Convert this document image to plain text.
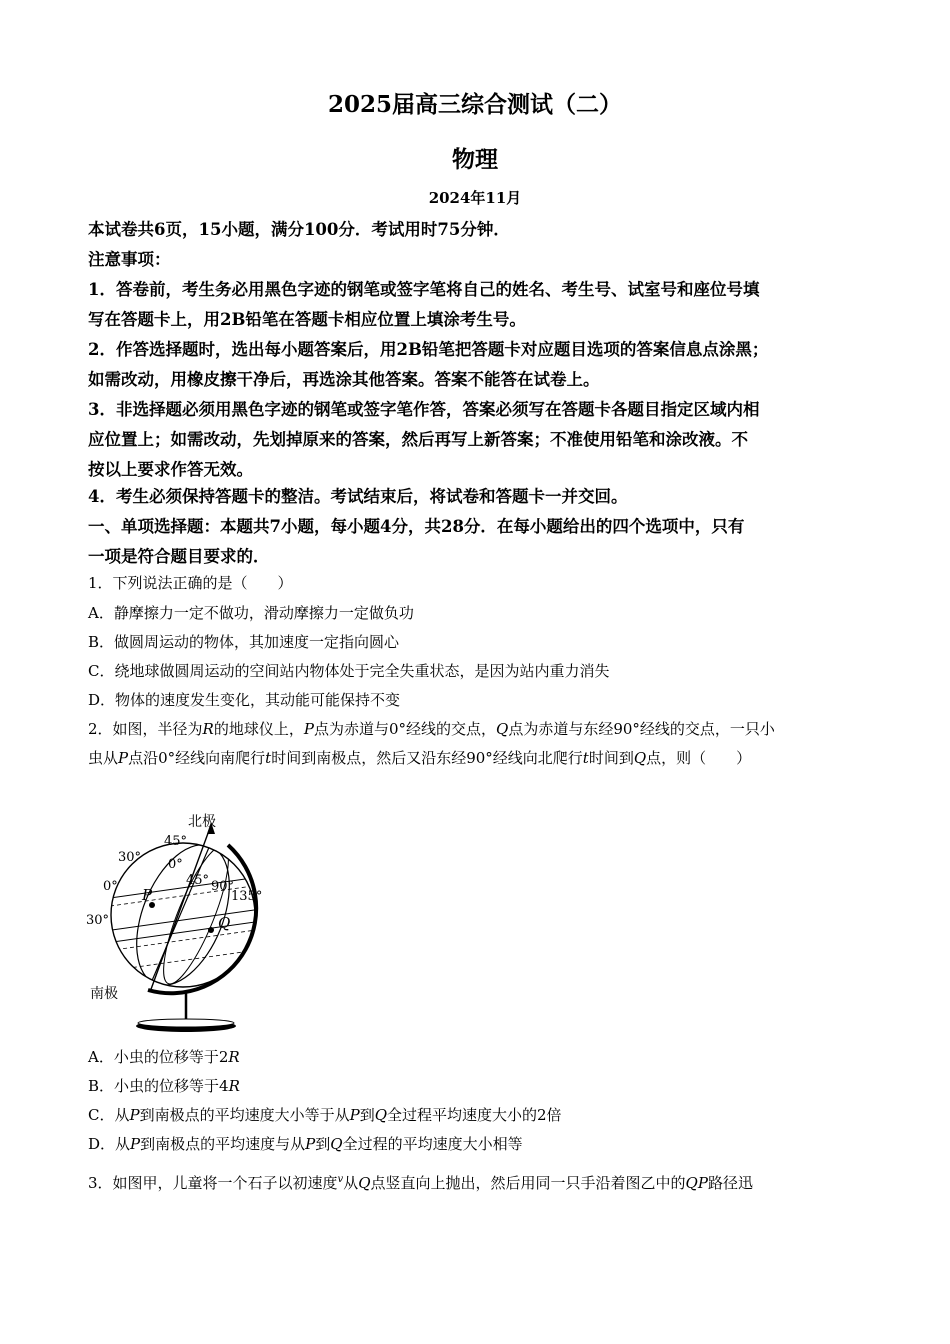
2025届高三综合测试（二）
物理
2024年11月
本试卷共6页，15小题，满分100分．考试用时75分钟．
注意事项：
1．答卷前，考生务必用黑色字迹的钢笔或签字笔将自己的姓名、考生号、试室号和座位号填
写在答题卡上，用2B铅笔在答题卡相应位置上填涂考生号。
2．作答选择题时，选出每小题答案后，用2B铅笔把答题卡对应题目选项的答案信息点涂黑；
如需改动，用橡皮擦干净后，再选涂其他答案。答案不能答在试卷上。
3．非选择题必须用黑色字迹的钢笔或签字笔作答，答案必须写在答题卡各题目指定区域内相
应位置上；如需改动，先划掉原来的答案，然后再写上新答案；不准使用铅笔和涂改液。不
按以上要求作答无效。
4．考生必须保持答题卡的整洁。考试结束后，将试卷和答题卡一并交回。
一、单项选择题：本题共7小题，每小题4分，共28分．在每小题给出的四个选项中，只有
一项是符合题目要求的．
1．下列说法正确的是（　　）
A．静摩擦力一定不做功，滑动摩擦力一定做负功
B．做圆周运动的物体，其加速度一定指向圆心
C．绕地球做圆周运动的空间站内物体处于完全失重状态，是因为站内重力消失
D．物体的速度发生变化，其动能可能保持不变
2．如图，半径为R的地球仪上，P点为赤道与0°经线的交点，Q点为赤道与东经90°经线的交点，一只小
虫从P点沿0°经线向南爬行t时间到南极点，然后又沿东经90°经线向北爬行t时间到Q点，则（　　）
北极
南极
30°
0°
30°
45°
0°
45° 90°
135°
P
Q
A．小虫的位移等于2R
B．小虫的位移等于4R
C．从P到南极点的平均速度大小等于从P到Q全过程平均速度大小的2倍
D．从P到南极点的平均速度与从P到Q全过程的平均速度大小相等
3．如图甲，儿童将一个石子以初速度$^v$从Q点竖直向上抛出，然后用同一只手沿着图乙中的QP路径迅
